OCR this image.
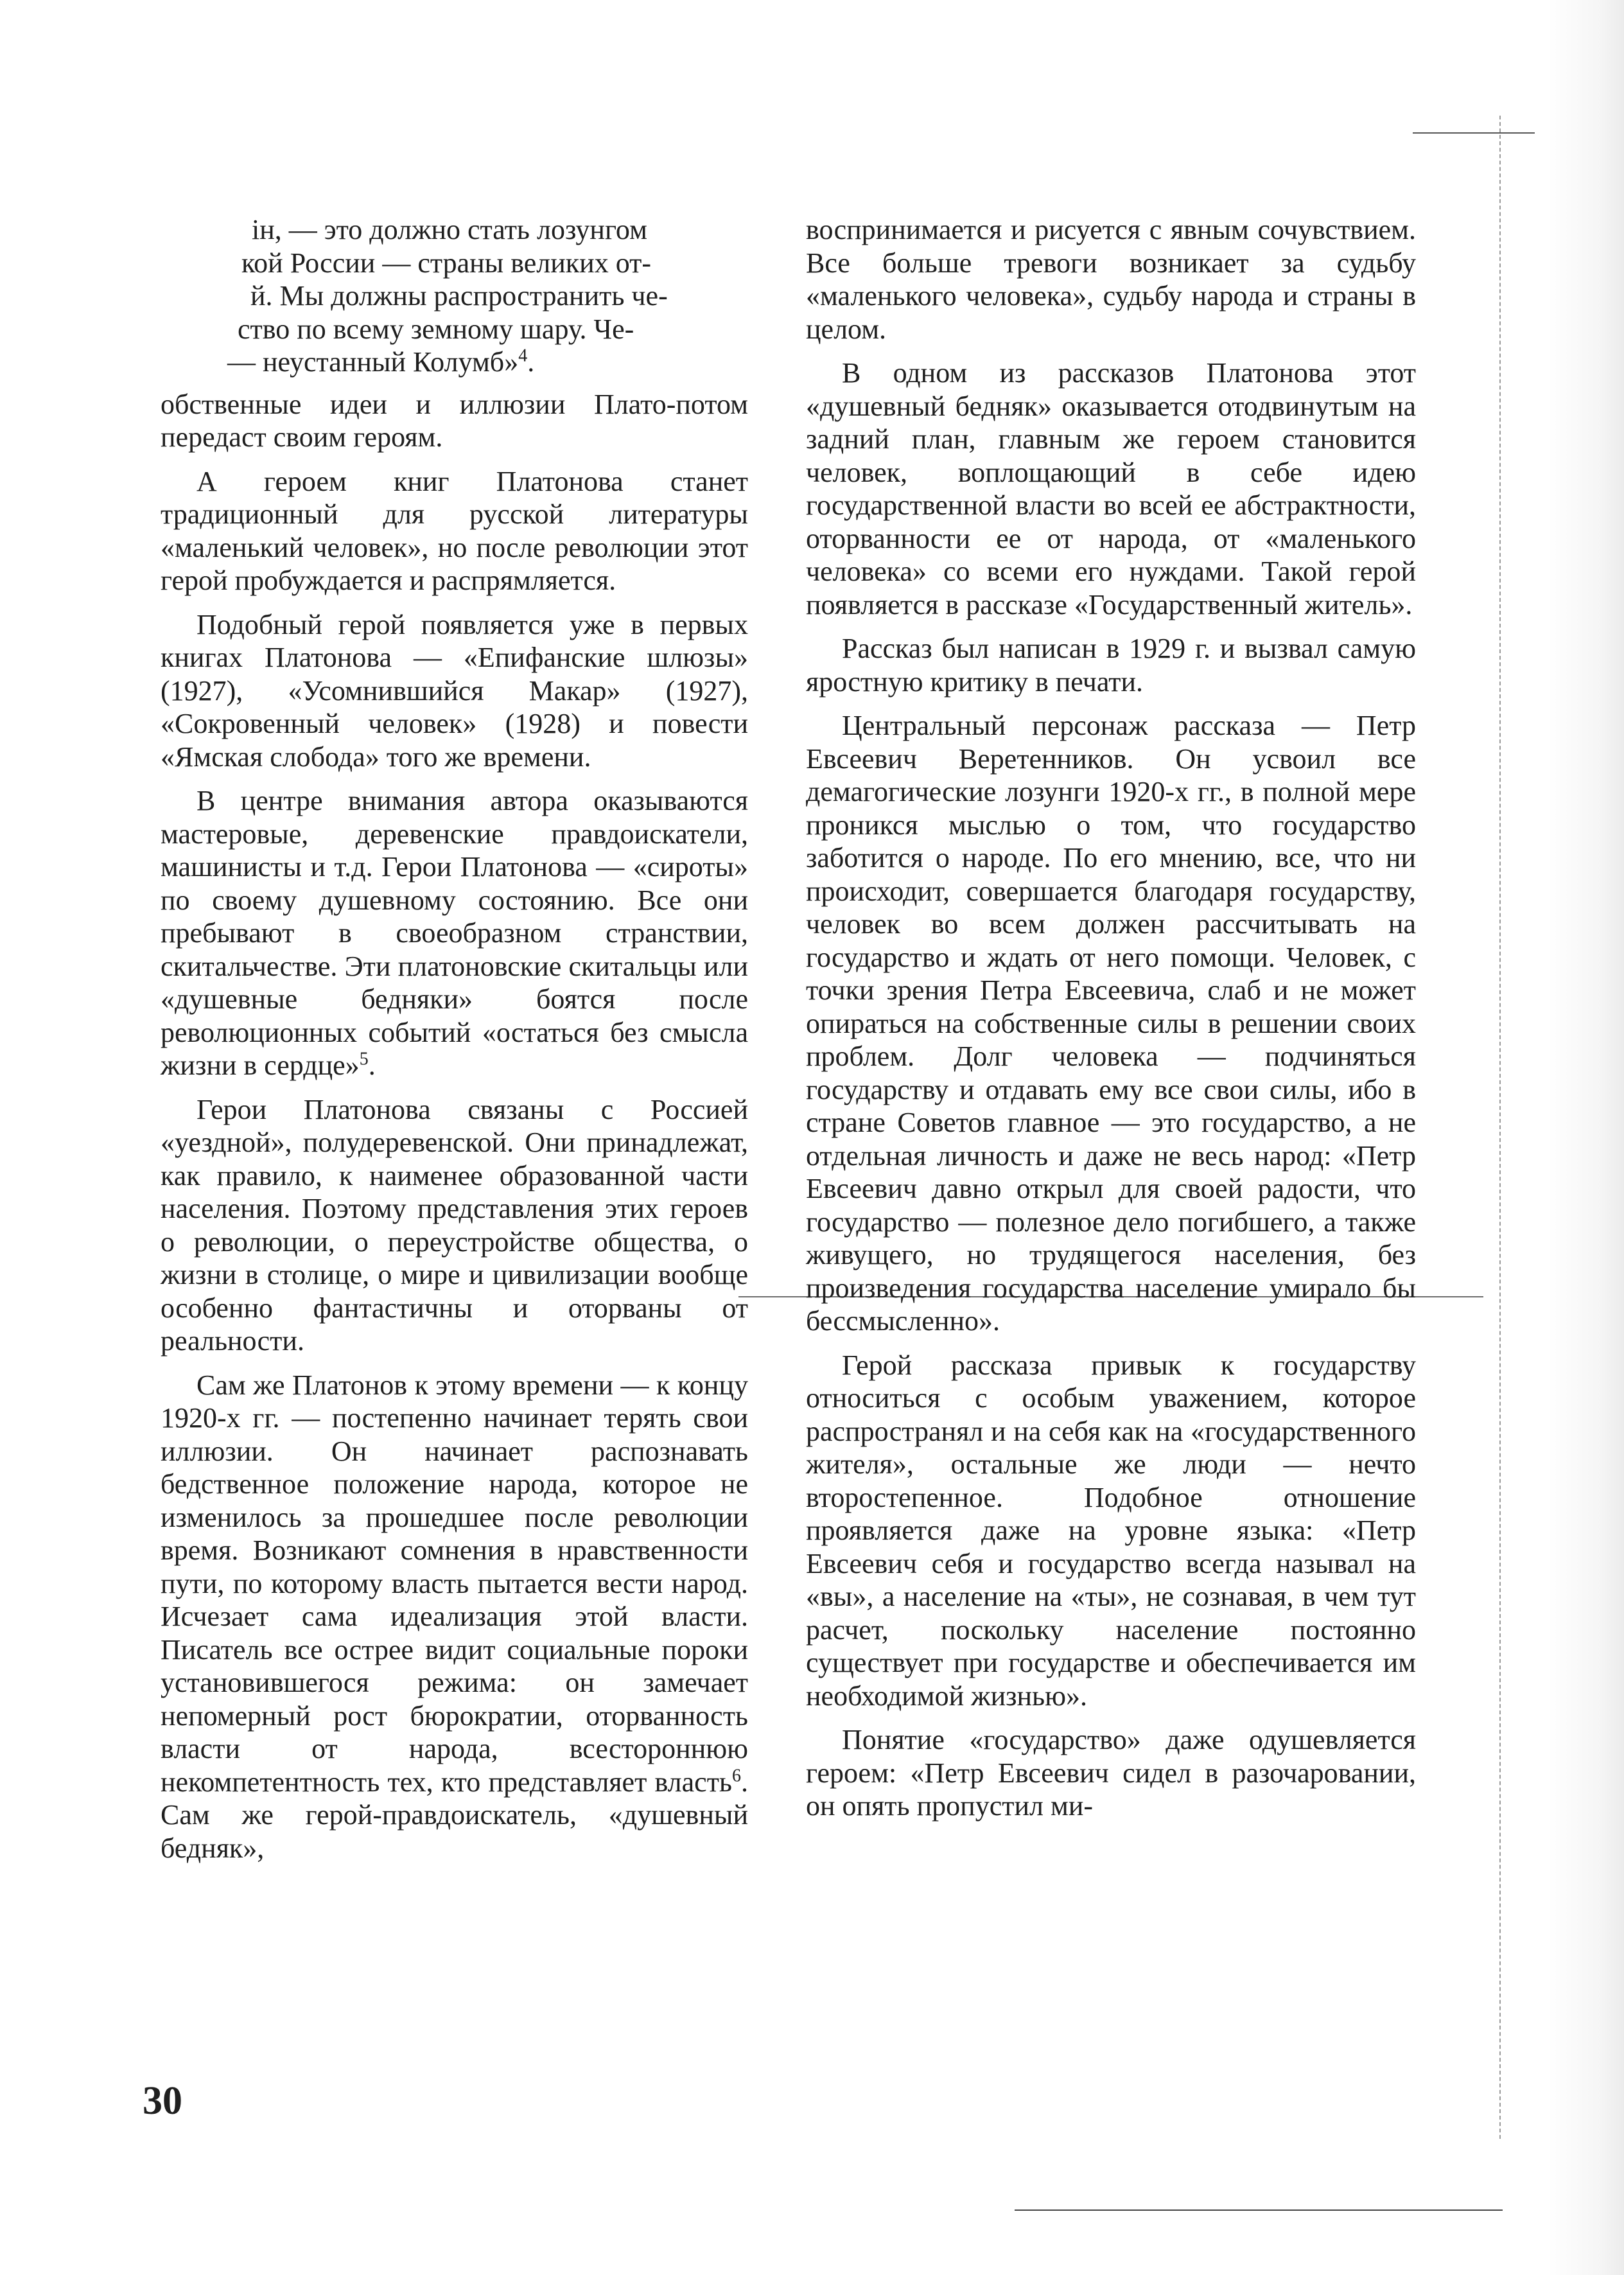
ін, — это должно стать лозунгом

кой России — страны великих от-

й. Мы должны распространить че-

ство по всему земному шару. Че-

— неустанный Колумб»$^4$.

обственные идеи и иллюзии Плато-потом передаст своим героям.

А героем книг Платонова станет традиционный для русской литературы «маленький человек», но после революции этот герой пробуждается и распрямляется.

Подобный герой появляется уже в первых книгах Платонова — «Епифанские шлюзы» (1927), «Усомнившийся Макар» (1927), «Сокровенный человек» (1928) и повести «Ямская слобода» того же времени.

В центре внимания автора оказываются мастеровые, деревенские правдоискатели, машинисты и т.д. Герои Платонова — «сироты» по своему душевному состоянию. Все они пребывают в своеобразном странствии, скитальчестве. Эти платоновские скитальцы или «душевные бедняки» боятся после революционных событий «остаться без смысла жизни в сердце»$^5$.

Герои Платонова связаны с Россией «уездной», полудеревенской. Они принадлежат, как правило, к наименее образованной части населения. Поэтому представления этих героев о революции, о переустройстве общества, о жизни в столице, о мире и цивилизации вообще особенно фантастичны и оторваны от реальности.

Сам же Платонов к этому времени — к концу 1920-х гг. — постепенно начинает терять свои иллюзии. Он начинает распознавать бедственное положение народа, которое не изменилось за прошедшее после революции время. Возникают сомнения в нравственности пути, по которому власть пытается вести народ. Исчезает сама идеализация этой власти. Писатель все острее видит социальные пороки установившегося режима: он замечает непомерный рост бюрократии, оторванность власти от народа, всестороннюю некомпетентность тех, кто представляет власть$^6$. Сам же герой-правдоискатель, «душевный бедняк»,

воспринимается и рисуется с явным сочувствием. Все больше тревоги возникает за судьбу «маленького человека», судьбу народа и страны в целом.

В одном из рассказов Платонова этот «душевный бедняк» оказывается отодвинутым на задний план, главным же героем становится человек, воплощающий в себе идею государственной власти во всей ее абстрактности, оторванности ее от народа, от «маленького человека» со всеми его нуждами. Такой герой появляется в рассказе «Государственный житель».

Рассказ был написан в 1929 г. и вызвал самую яростную критику в печати.

Центральный персонаж рассказа — Петр Евсеевич Веретенников. Он усвоил все демагогические лозунги 1920-х гг., в полной мере проникся мыслью о том, что государство заботится о народе. По его мнению, все, что ни происходит, совершается благодаря государству, человек во всем должен рассчитывать на государство и ждать от него помощи. Человек, с точки зрения Петра Евсеевича, слаб и не может опираться на собственные силы в решении своих проблем. Долг человека — подчиняться государству и отдавать ему все свои силы, ибо в стране Советов главное — это государство, а не отдельная личность и даже не весь народ: «Петр Евсеевич давно открыл для своей радости, что государство — полезное дело погибшего, а также живущего, но трудящегося населения, без произведения государства население умирало бы бессмысленно».

Герой рассказа привык к государству относиться с особым уважением, которое распространял и на себя как на «государственного жителя», остальные же люди — нечто второстепенное. Подобное отношение проявляется даже на уровне языка: «Петр Евсеевич себя и государство всегда называл на «вы», а население на «ты», не сознавая, в чем тут расчет, поскольку население постоянно существует при государстве и обеспечивается им необходимой жизнью».

Понятие «государство» даже одушевляется героем: «Петр Евсеевич сидел в разочаровании, он опять пропустил ми-

30
